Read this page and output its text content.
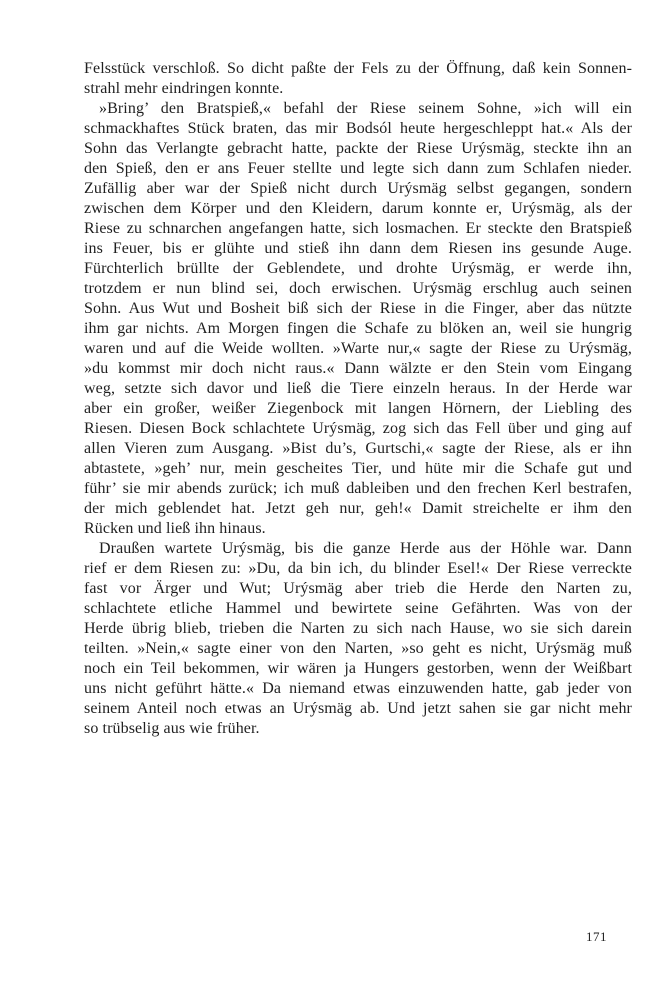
Felsstück verschloß. So dicht paßte der Fels zu der Öffnung, daß kein Sonnen-
strahl mehr eindringen konnte.
»Bring’ den Bratspieß,« befahl der Riese seinem Sohne, »ich will ein
schmackhaftes Stück braten, das mir Bodsól heute hergeschleppt hat.« Als der
Sohn das Verlangte gebracht hatte, packte der Riese Urýsmäg, steckte ihn an
den Spieß, den er ans Feuer stellte und legte sich dann zum Schlafen nieder.
Zufällig aber war der Spieß nicht durch Urýsmäg selbst gegangen, sondern
zwischen dem Körper und den Kleidern, darum konnte er, Urýsmäg, als der
Riese zu schnarchen angefangen hatte, sich losmachen. Er steckte den Bratspieß
ins Feuer, bis er glühte und stieß ihn dann dem Riesen ins gesunde Auge.
Fürchterlich brüllte der Geblendete, und drohte Urýsmäg, er werde ihn,
trotzdem er nun blind sei, doch erwischen. Urýsmäg erschlug auch seinen
Sohn. Aus Wut und Bosheit biß sich der Riese in die Finger, aber das nützte
ihm gar nichts. Am Morgen fingen die Schafe zu blöken an, weil sie hungrig
waren und auf die Weide wollten. »Warte nur,« sagte der Riese zu Urýsmäg,
»du kommst mir doch nicht raus.« Dann wälzte er den Stein vom Eingang
weg, setzte sich davor und ließ die Tiere einzeln heraus. In der Herde war
aber ein großer, weißer Ziegenbock mit langen Hörnern, der Liebling des
Riesen. Diesen Bock schlachtete Urýsmäg, zog sich das Fell über und ging auf
allen Vieren zum Ausgang. »Bist du’s, Gurtschi,« sagte der Riese, als er ihn
abtastete, »geh’ nur, mein gescheites Tier, und hüte mir die Schafe gut und
führ’ sie mir abends zurück; ich muß dableiben und den frechen Kerl bestrafen,
der mich geblendet hat. Jetzt geh nur, geh!« Damit streichelte er ihm den
Rücken und ließ ihn hinaus.
Draußen wartete Urýsmäg, bis die ganze Herde aus der Höhle war. Dann
rief er dem Riesen zu: »Du, da bin ich, du blinder Esel!« Der Riese verreckte
fast vor Ärger und Wut; Urýsmäg aber trieb die Herde den Narten zu,
schlachtete etliche Hammel und bewirtete seine Gefährten. Was von der
Herde übrig blieb, trieben die Narten zu sich nach Hause, wo sie sich darein
teilten. »Nein,« sagte einer von den Narten, »so geht es nicht, Urýsmäg muß
noch ein Teil bekommen, wir wären ja Hungers gestorben, wenn der Weißbart
uns nicht geführt hätte.« Da niemand etwas einzuwenden hatte, gab jeder von
seinem Anteil noch etwas an Urýsmäg ab. Und jetzt sahen sie gar nicht mehr
so trübselig aus wie früher.
171
